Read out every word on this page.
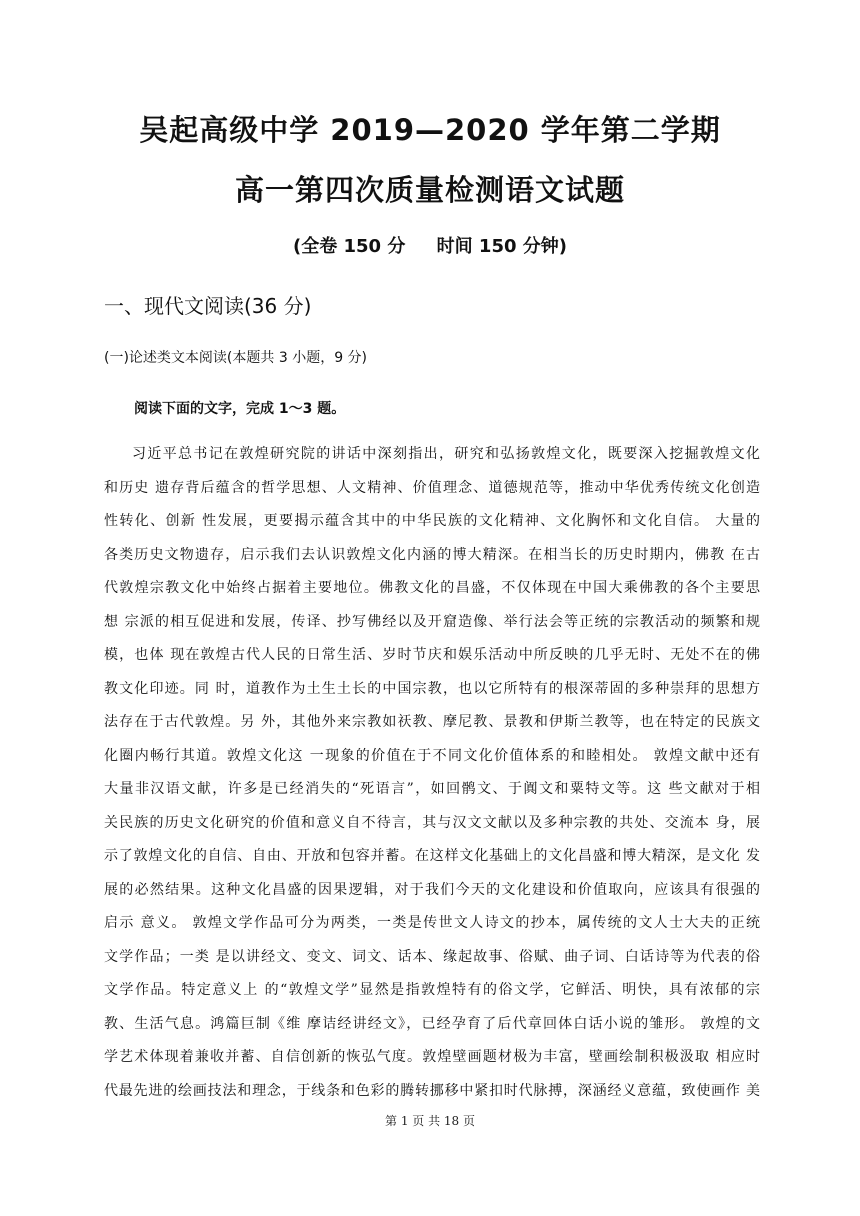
吴起高级中学 2019—2020 学年第二学期
高一第四次质量检测语文试题
(全卷 150 分     时间 150 分钟)
一、现代文阅读(36 分)
(一)论述类文本阅读(本题共 3 小题，9 分)
阅读下面的文字，完成 1～3 题。
习近平总书记在敦煌研究院的讲话中深刻指出，研究和弘扬敦煌文化，既要深入挖掘敦煌文化
和历史 遗存背后蕴含的哲学思想、人文精神、价值理念、道德规范等，推动中华优秀传统文化创造
性转化、创新 性发展，更要揭示蕴含其中的中华民族的文化精神、文化胸怀和文化自信。 大量的
各类历史文物遗存，启示我们去认识敦煌文化内涵的博大精深。在相当长的历史时期内，佛教 在古
代敦煌宗教文化中始终占据着主要地位。佛教文化的昌盛，不仅体现在中国大乘佛教的各个主要思
想 宗派的相互促进和发展，传译、抄写佛经以及开窟造像、举行法会等正统的宗教活动的频繁和规
模，也体 现在敦煌古代人民的日常生活、岁时节庆和娱乐活动中所反映的几乎无时、无处不在的佛
教文化印迹。同 时，道教作为土生土长的中国宗教，也以它所特有的根深蒂固的多种崇拜的思想方
法存在于古代敦煌。另 外，其他外来宗教如祆教、摩尼教、景教和伊斯兰教等，也在特定的民族文
化圈内畅行其道。敦煌文化这 一现象的价值在于不同文化价值体系的和睦相处。 敦煌文献中还有
大量非汉语文献，许多是已经消失的“死语言”，如回鹘文、于阗文和粟特文等。这 些文献对于相
关民族的历史文化研究的价值和意义自不待言，其与汉文文献以及多种宗教的共处、交流本 身，展
示了敦煌文化的自信、自由、开放和包容并蓄。在这样文化基础上的文化昌盛和博大精深，是文化 发
展的必然结果。这种文化昌盛的因果逻辑，对于我们今天的文化建设和价值取向，应该具有很强的
启示 意义。 敦煌文学作品可分为两类，一类是传世文人诗文的抄本，属传统的文人士大夫的正统
文学作品；一类 是以讲经文、变文、词文、话本、缘起故事、俗赋、曲子词、白话诗等为代表的俗
文学作品。特定意义上 的“敦煌文学”显然是指敦煌特有的俗文学，它鲜活、明快，具有浓郁的宗
教、生活气息。鸿篇巨制《维 摩诘经讲经文》，已经孕育了后代章回体白话小说的雏形。 敦煌的文
学艺术体现着兼收并蓄、自信创新的恢弘气度。敦煌壁画题材极为丰富，壁画绘制积极汲取 相应时
代最先进的绘画技法和理念，于线条和色彩的腾转挪移中紧扣时代脉搏，深涵经义意蕴，致使画作 美
第 1 页 共 18 页
